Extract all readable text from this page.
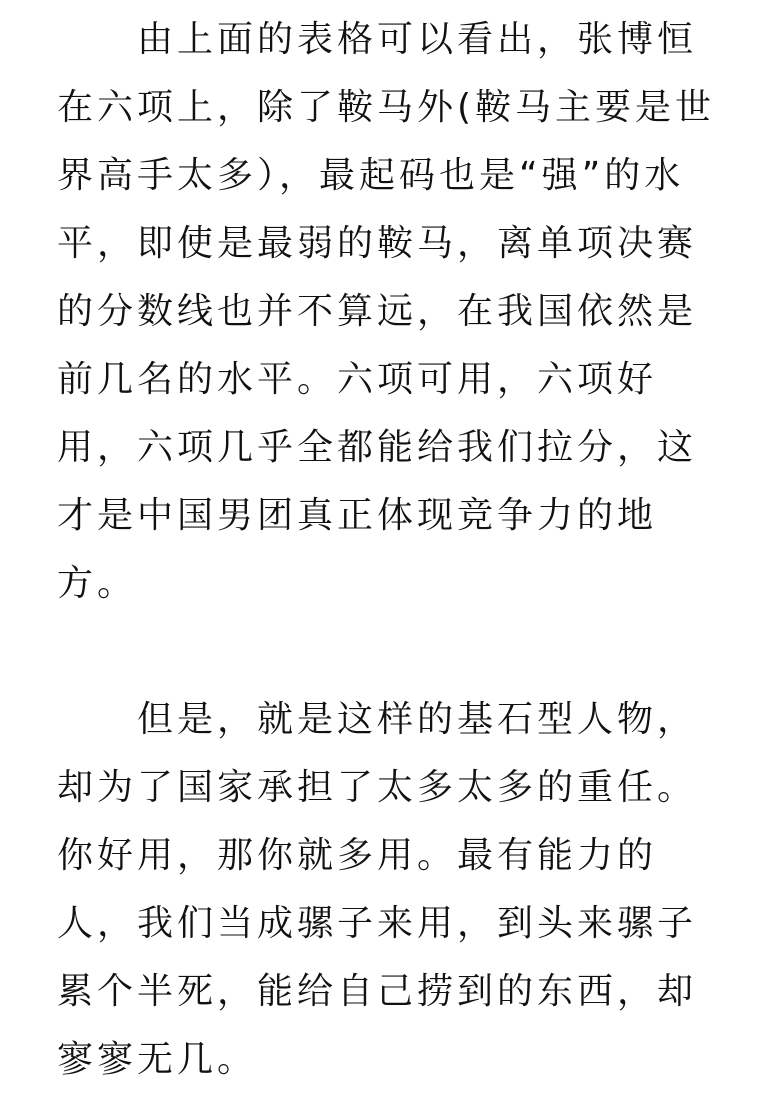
由上面的表格可以看出，张博恒
在六项上，除了鞍马外(鞍马主要是世
界高手太多），最起码也是“强”的水
平，即使是最弱的鞍马，离单项决赛
的分数线也并不算远，在我国依然是
前几名的水平。六项可用，六项好
用，六项几乎全都能给我们拉分，这
才是中国男团真正体现竞争力的地
方。
但是，就是这样的基石型人物，
却为了国家承担了太多太多的重任。
你好用，那你就多用。最有能力的
人，我们当成骡子来用，到头来骡子
累个半死，能给自己捞到的东西，却
寥寥无几。
